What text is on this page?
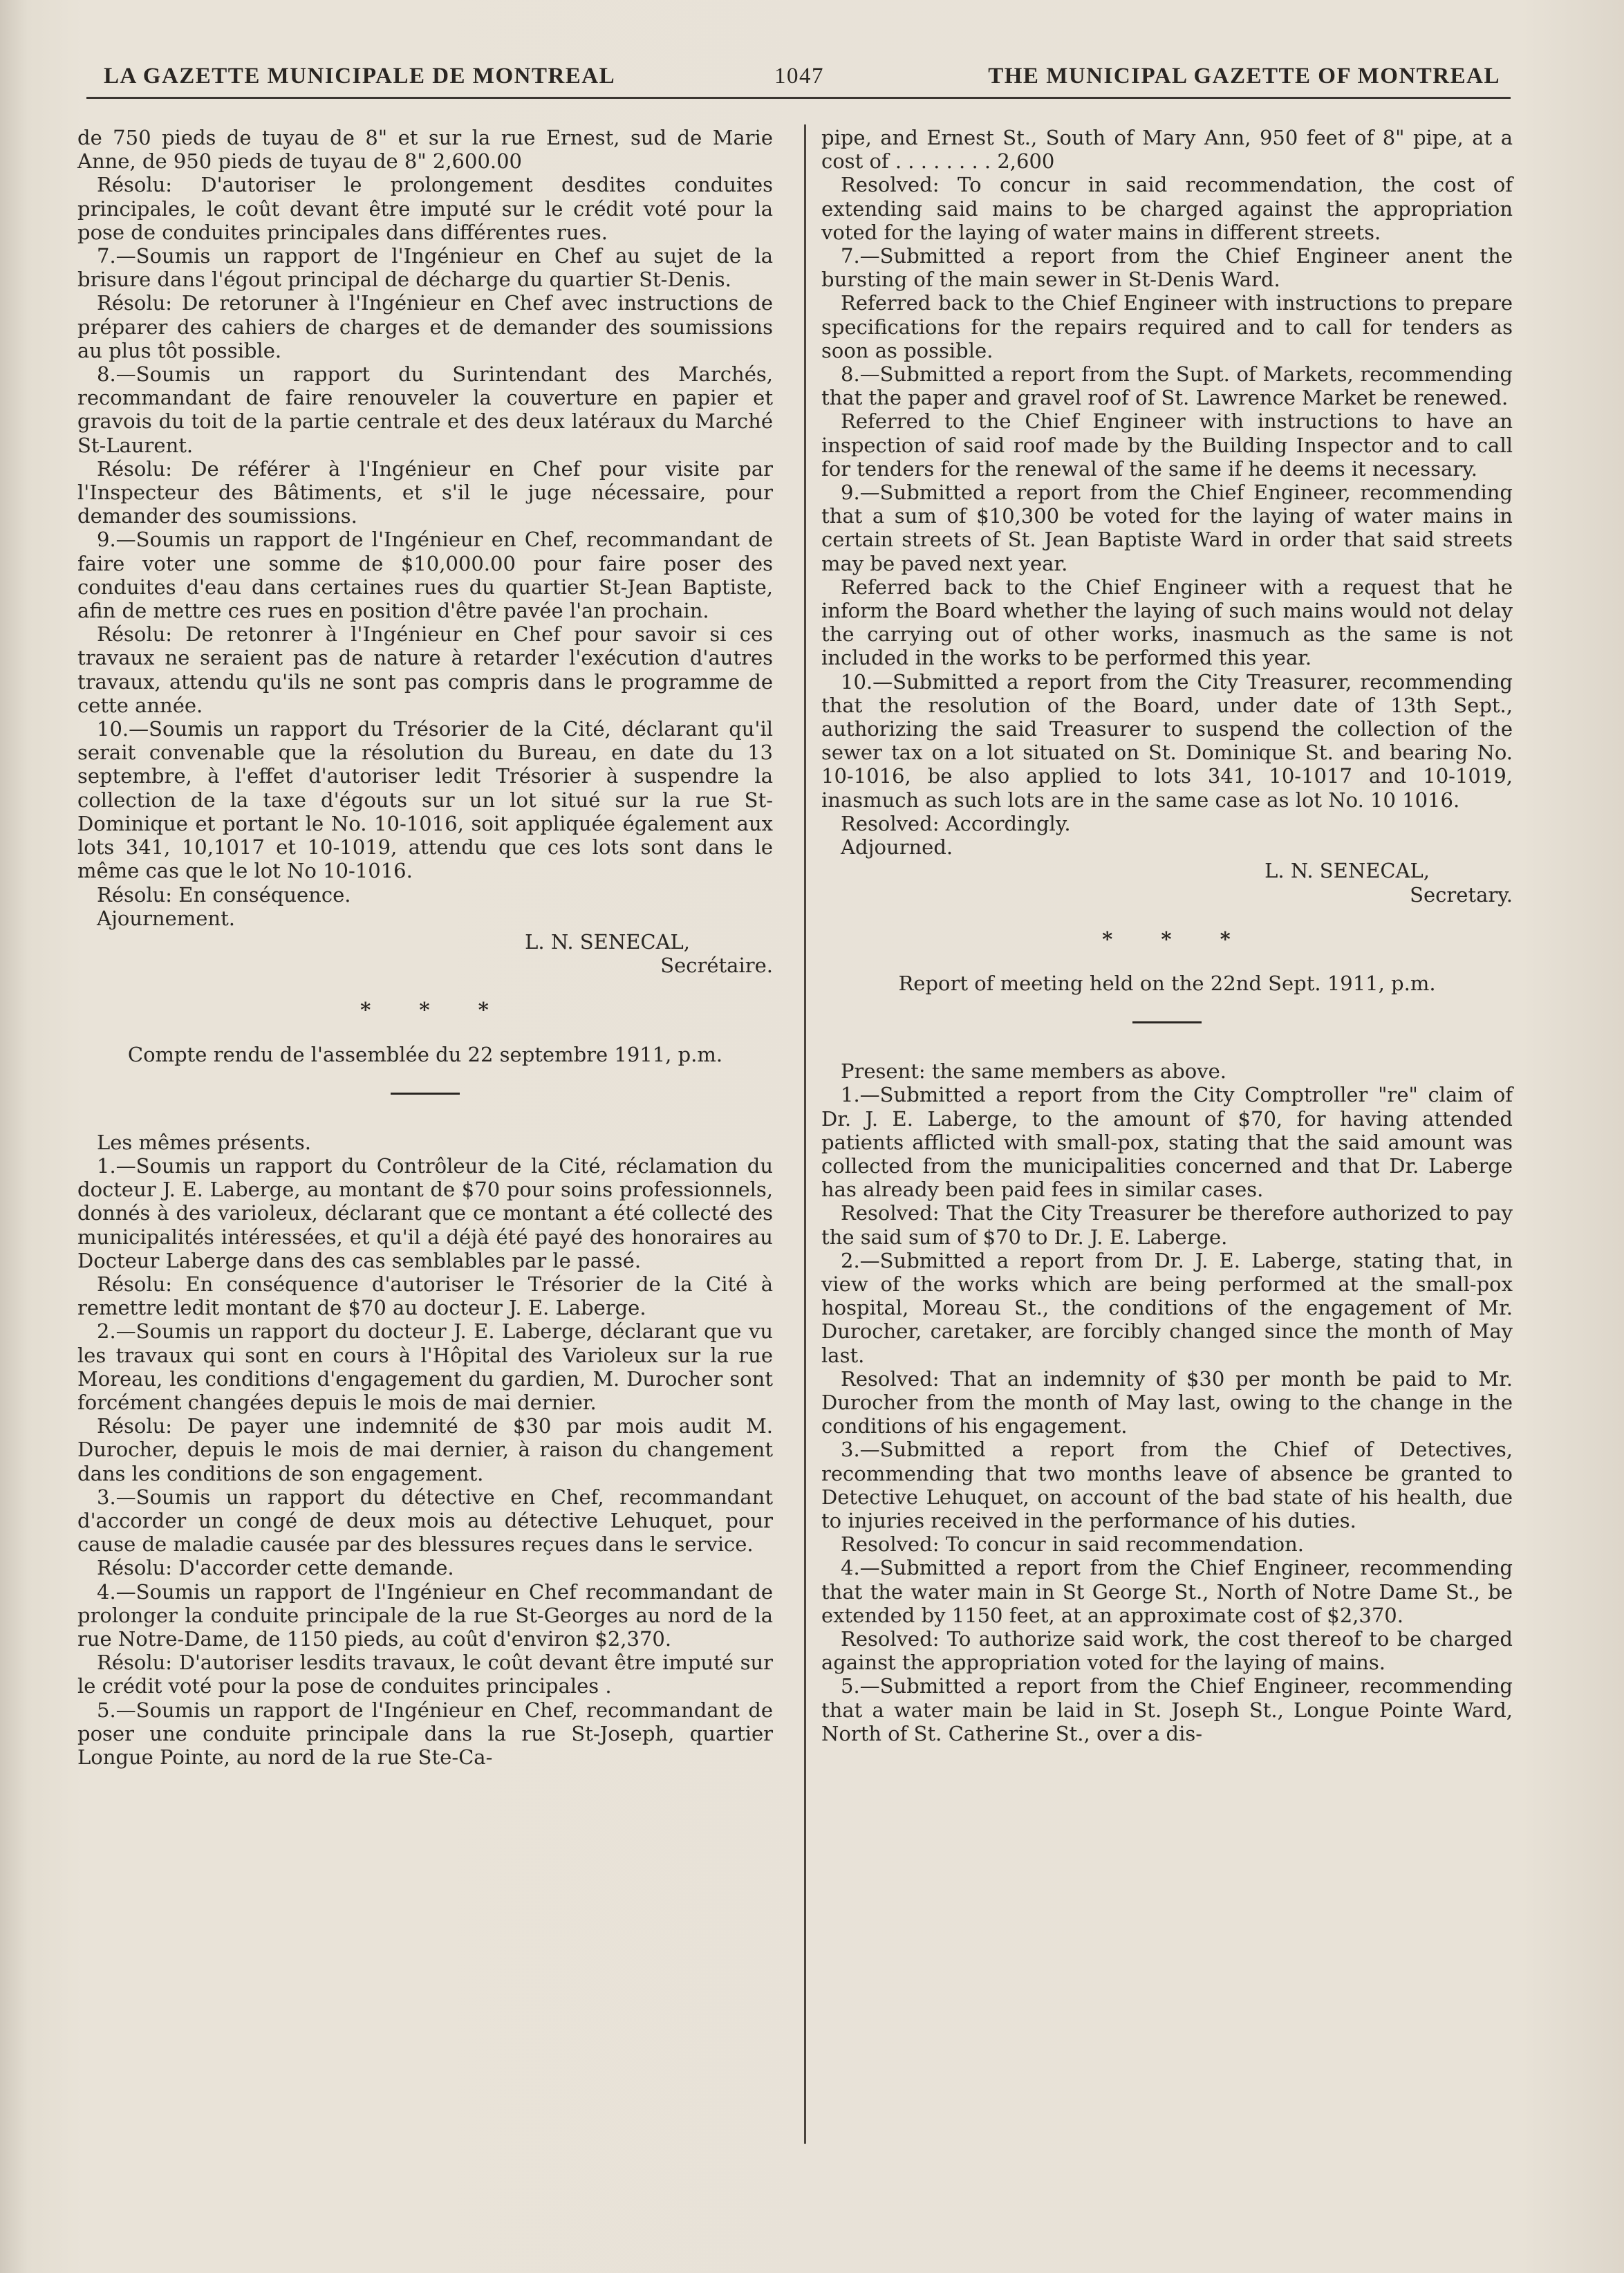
LA GAZETTE MUNICIPALE DE MONTREAL	1047	THE MUNICIPAL GAZETTE OF MONTREAL

de 750 pieds de tuyau de 8" et sur la rue Ernest, sud de Marie Anne, de 950 pieds de tuyau de 8" 2,600.00

Résolu: D'autoriser le prolongement desdites conduites principales, le coût devant être imputé sur le crédit voté pour la pose de conduites principales dans différentes rues.

7.—Soumis un rapport de l'Ingénieur en Chef au sujet de la brisure dans l'égout principal de décharge du quartier St-Denis.

Résolu: De retoruner à l'Ingénieur en Chef avec instructions de préparer des cahiers de charges et de demander des soumissions au plus tôt possible.

8.—Soumis un rapport du Surintendant des Marchés, recommandant de faire renouveler la couverture en papier et gravois du toit de la partie centrale et des deux latéraux du Marché St-Laurent.

Résolu: De référer à l'Ingénieur en Chef pour visite par l'Inspecteur des Bâtiments, et s'il le juge nécessaire, pour demander des soumissions.

9.—Soumis un rapport de l'Ingénieur en Chef, recommandant de faire voter une somme de $10,000.00 pour faire poser des conduites d'eau dans certaines rues du quartier St-Jean Baptiste, afin de mettre ces rues en position d'être pavée l'an prochain.

Résolu: De retonrer à l'Ingénieur en Chef pour savoir si ces travaux ne seraient pas de nature à retarder l'exécution d'autres travaux, attendu qu'ils ne sont pas compris dans le programme de cette année.

10.—Soumis un rapport du Trésorier de la Cité, déclarant qu'il serait convenable que la résolution du Bureau, en date du 13 septembre, à l'effet d'autoriser ledit Trésorier à suspendre la collection de la taxe d'égouts sur un lot situé sur la rue St-Dominique et portant le No. 10-1016, soit appliquée également aux lots 341, 10,1017 et 10-1019, attendu que ces lots sont dans le même cas que le lot No 10-1016.

Résolu: En conséquence.

Ajournement.

L. N. SENECAL,

Secrétaire.

* * *

Compte rendu de l'assemblée du 22 septembre 1911, p.m.

Les mêmes présents.

1.—Soumis un rapport du Contrôleur de la Cité, réclamation du docteur J. E. Laberge, au montant de $70 pour soins professionnels, donnés à des varioleux, déclarant que ce montant a été collecté des municipalités intéressées, et qu'il a déjà été payé des honoraires au Docteur Laberge dans des cas semblables par le passé.

Résolu: En conséquence d'autoriser le Trésorier de la Cité à remettre ledit montant de $70 au docteur J. E. Laberge.

2.—Soumis un rapport du docteur J. E. Laberge, déclarant que vu les travaux qui sont en cours à l'Hôpital des Varioleux sur la rue Moreau, les conditions d'engagement du gardien, M. Durocher sont forcément changées depuis le mois de mai dernier.

Résolu: De payer une indemnité de $30 par mois audit M. Durocher, depuis le mois de mai dernier, à raison du changement dans les conditions de son engagement.

3.—Soumis un rapport du détective en Chef, recommandant d'accorder un congé de deux mois au détective Lehuquet, pour cause de maladie causée par des blessures reçues dans le service.

Résolu: D'accorder cette demande.

4.—Soumis un rapport de l'Ingénieur en Chef recommandant de prolonger la conduite principale de la rue St-Georges au nord de la rue Notre-Dame, de 1150 pieds, au coût d'environ $2,370.

Résolu: D'autoriser lesdits travaux, le coût devant être imputé sur le crédit voté pour la pose de conduites principales .

5.—Soumis un rapport de l'Ingénieur en Chef, recommandant de poser une conduite principale dans la rue St-Joseph, quartier Longue Pointe, au nord de la rue Ste-Ca-

pipe, and Ernest St., South of Mary Ann, 950 feet of 8" pipe, at a cost of . . . . . . . . 2,600

Resolved: To concur in said recommendation, the cost of extending said mains to be charged against the appropriation voted for the laying of water mains in different streets.

7.—Submitted a report from the Chief Engineer anent the bursting of the main sewer in St-Denis Ward.

Referred back to the Chief Engineer with instructions to prepare specifications for the repairs required and to call for tenders as soon as possible.

8.—Submitted a report from the Supt. of Markets, recommending that the paper and gravel roof of St. Lawrence Market be renewed.

Referred to the Chief Engineer with instructions to have an inspection of said roof made by the Building Inspector and to call for tenders for the renewal of the same if he deems it necessary.

9.—Submitted a report from the Chief Engineer, recommending that a sum of $10,300 be voted for the laying of water mains in certain streets of St. Jean Baptiste Ward in order that said streets may be paved next year.

Referred back to the Chief Engineer with a request that he inform the Board whether the laying of such mains would not delay the carrying out of other works, inasmuch as the same is not included in the works to be performed this year.

10.—Submitted a report from the City Treasurer, recommending that the resolution of the Board, under date of 13th Sept., authorizing the said Treasurer to suspend the collection of the sewer tax on a lot situated on St. Dominique St. and bearing No. 10-1016, be also applied to lots 341, 10-1017 and 10-1019, inasmuch as such lots are in the same case as lot No. 10 1016.

Resolved: Accordingly.

Adjourned.

L. N. SENECAL,

Secretary.

* * *

Report of meeting held on the 22nd Sept. 1911, p.m.

Present: the same members as above.

1.—Submitted a report from the City Comptroller "re" claim of Dr. J. E. Laberge, to the amount of $70, for having attended patients afflicted with small-pox, stating that the said amount was collected from the municipalities concerned and that Dr. Laberge has already been paid fees in similar cases.

Resolved: That the City Treasurer be therefore authorized to pay the said sum of $70 to Dr. J. E. Laberge.

2.—Submitted a report from Dr. J. E. Laberge, stating that, in view of the works which are being performed at the small-pox hospital, Moreau St., the conditions of the engagement of Mr. Durocher, caretaker, are forcibly changed since the month of May last.

Resolved: That an indemnity of $30 per month be paid to Mr. Durocher from the month of May last, owing to the change in the conditions of his engagement.

3.—Submitted a report from the Chief of Detectives, recommending that two months leave of absence be granted to Detective Lehuquet, on account of the bad state of his health, due to injuries received in the performance of his duties.

Resolved: To concur in said recommendation.

4.—Submitted a report from the Chief Engineer, recommending that the water main in St George St., North of Notre Dame St., be extended by 1150 feet, at an approximate cost of $2,370.

Resolved: To authorize said work, the cost thereof to be charged against the appropriation voted for the laying of mains.

5.—Submitted a report from the Chief Engineer, recommending that a water main be laid in St. Joseph St., Longue Pointe Ward, North of St. Catherine St., over a dis-
